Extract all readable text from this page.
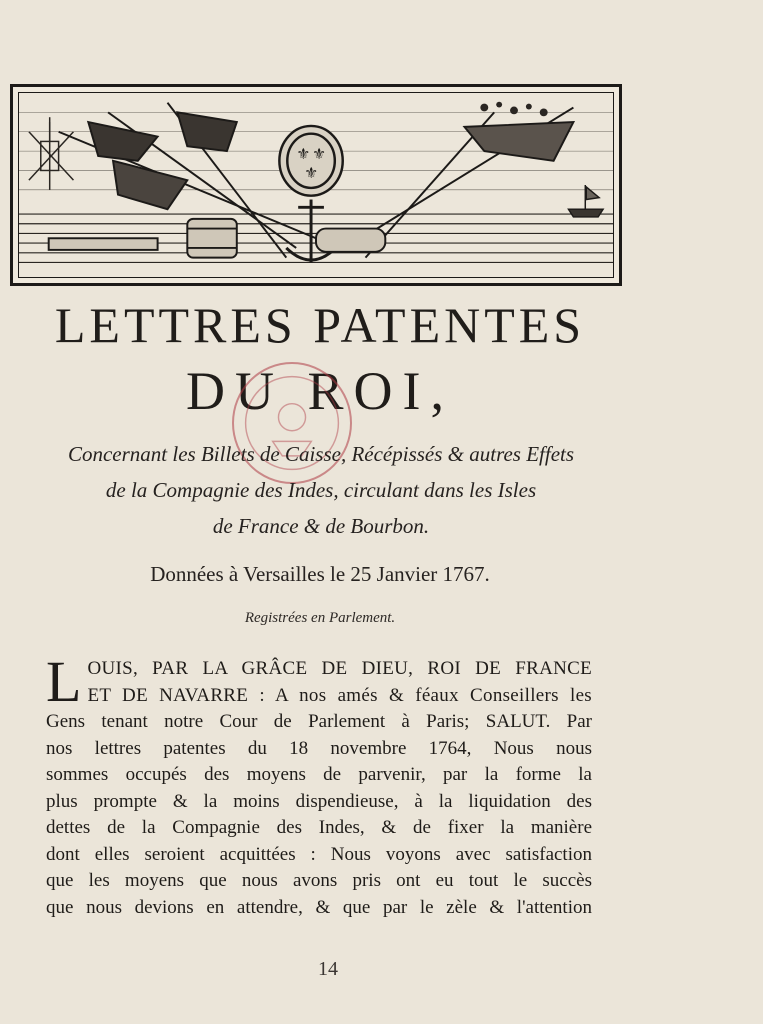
⚜ ⚜
⚜
LETTRES PATENTES
DU ROI,
Concernant les Billets de Caisse, Récépissés & autres Effets
de la Compagnie des Indes, circulant dans les Isles
de France & de Bourbon.
Données à Versailles le 25 Janvier 1767.
Registrées en Parlement.
L OUIS, PAR LA GRÂCE DE DIEU, ROI DE FRANCE
ET DE NAVARRE : A nos amés & féaux Conseillers les
Gens tenant notre Cour de Parlement à Paris; SALUT. Par
nos lettres patentes du 18 novembre 1764, Nous nous
sommes occupés des moyens de parvenir, par la forme la
plus prompte & la moins dispendieuse, à la liquidation des
dettes de la Compagnie des Indes, & de fixer la manière
dont elles seroient acquittées : Nous voyons avec satisfaction
que les moyens que nous avons pris ont eu tout le succès
que nous devions en attendre, & que par le zèle & l'attention
14
